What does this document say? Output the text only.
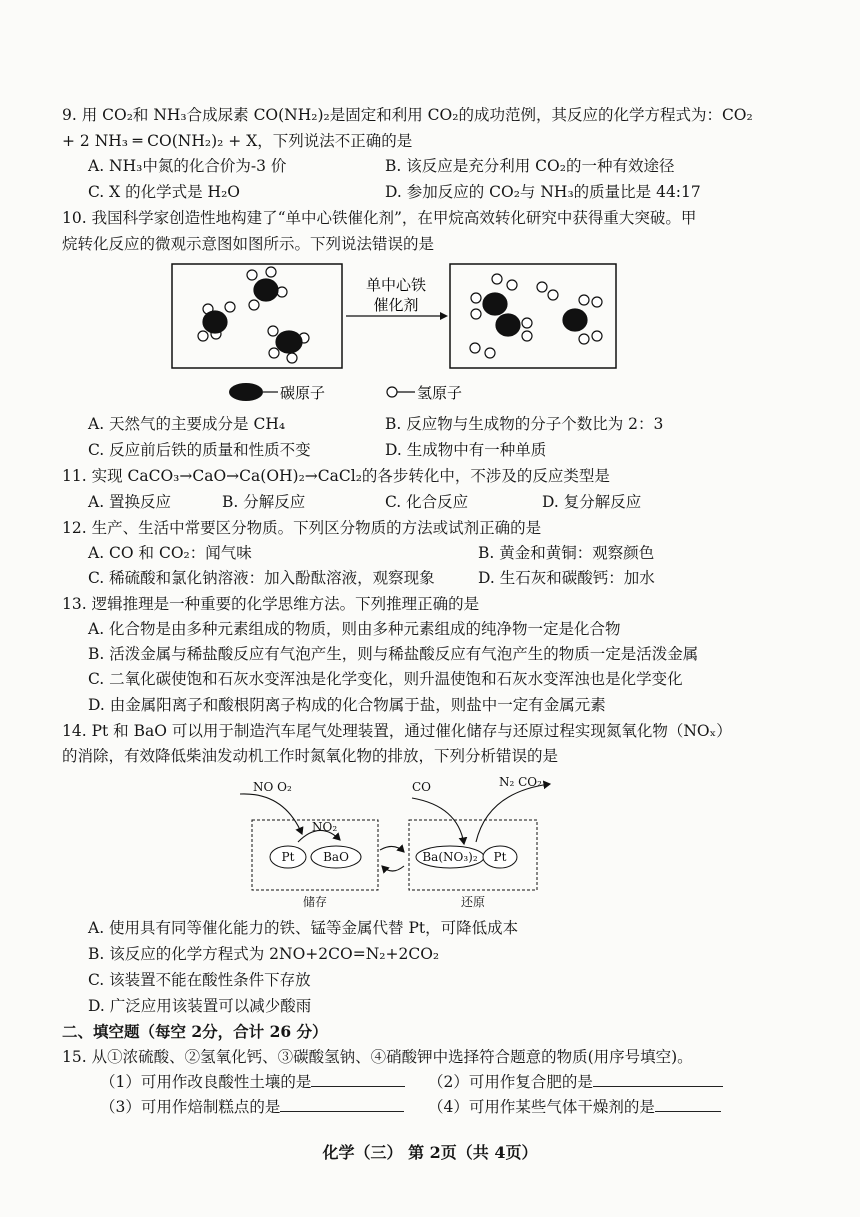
9. 用 CO₂和 NH₃合成尿素 CO(NH₂)₂是固定和利用 CO₂的成功范例，其反应的化学方程式为：CO₂
+ 2 NH₃ ═ CO(NH₂)₂ + X，下列说法不正确的是
A. NH₃中氮的化合价为-3 价	B. 该反应是充分利用 CO₂的一种有效途径
C. X 的化学式是 H₂O	D. 参加反应的 CO₂与 NH₃的质量比是 44:17
10. 我国科学家创造性地构建了“单中心铁催化剂”，在甲烷高效转化研究中获得重大突破。甲
烷转化反应的微观示意图如图所示。下列说法错误的是
单中心铁
催化剂
碳原子	氢原子
A. 天然气的主要成分是 CH₄	B. 反应物与生成物的分子个数比为 2：3
C. 反应前后铁的质量和性质不变	D. 生成物中有一种单质
11. 实现 CaCO₃→CaO→Ca(OH)₂→CaCl₂的各步转化中，不涉及的反应类型是
A. 置换反应	B. 分解反应	C. 化合反应	D. 复分解反应
12. 生产、生活中常要区分物质。下列区分物质的方法或试剂正确的是
A. CO 和 CO₂：闻气味	B. 黄金和黄铜：观察颜色
C. 稀硫酸和氯化钠溶液：加入酚酞溶液，观察现象	D. 生石灰和碳酸钙：加水
13. 逻辑推理是一种重要的化学思维方法。下列推理正确的是
A. 化合物是由多种元素组成的物质，则由多种元素组成的纯净物一定是化合物
B. 活泼金属与稀盐酸反应有气泡产生，则与稀盐酸反应有气泡产生的物质一定是活泼金属
C. 二氧化碳使饱和石灰水变浑浊是化学变化，则升温使饱和石灰水变浑浊也是化学变化
D. 由金属阳离子和酸根阴离子构成的化合物属于盐，则盐中一定有金属元素
14. Pt 和 BaO 可以用于制造汽车尾气处理装置，通过催化储存与还原过程实现氮氧化物（NOₓ）
的消除，有效降低柴油发动机工作时氮氧化物的排放，下列分析错误的是
NO O₂
NO₂
Pt BaO
CO	N₂ CO₂
Ba(NO₃)₂ Pt
储存	还原
A. 使用具有同等催化能力的铁、锰等金属代替 Pt，可降低成本
B. 该反应的化学方程式为 2NO+2CO=N₂+2CO₂
C. 该装置不能在酸性条件下存放
D. 广泛应用该装置可以减少酸雨
二、填空题（每空 2分，合计 26 分）
15. 从①浓硫酸、②氢氧化钙、③碳酸氢钠、④硝酸钾中选择符合题意的物质(用序号填空)。
（1）可用作改良酸性土壤的是	（2）可用作复合肥的是
（3）可用作焙制糕点的是	（4）可用作某些气体干燥剂的是
化学（三） 第 2页（共 4页）
